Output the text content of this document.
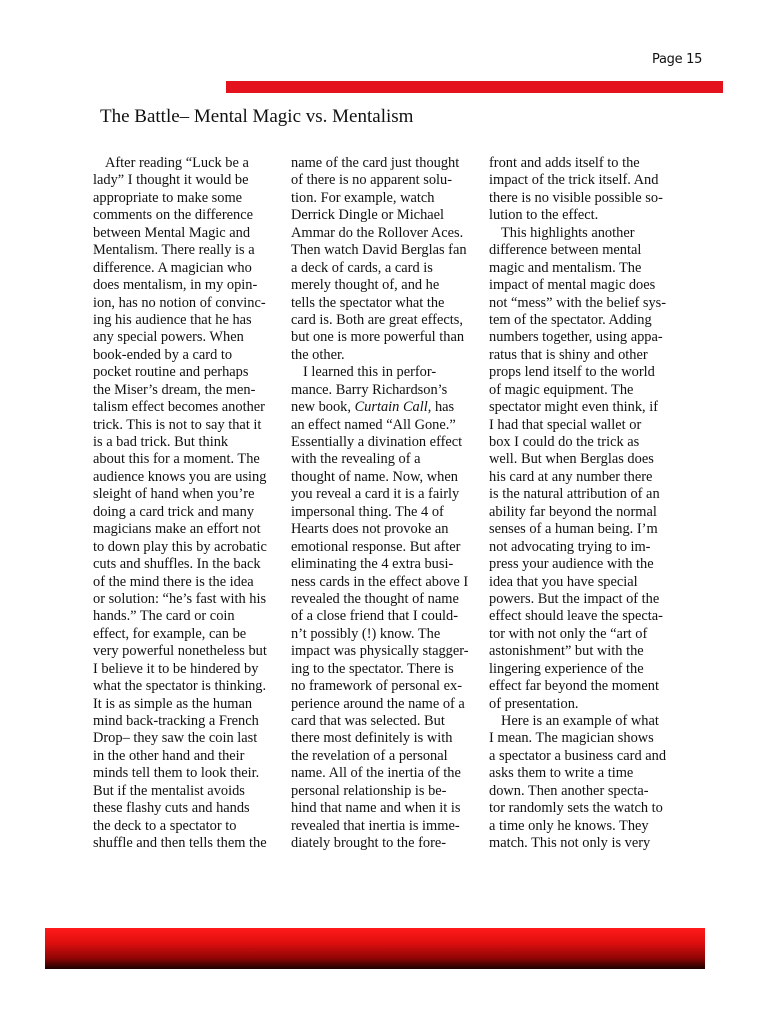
Page 15
The Battle– Mental Magic vs. Mentalism
After reading “Luck be a
lady” I thought it would be
appropriate to make some
comments on the difference
between Mental Magic and
Mentalism. There really is a
difference. A magician who
does mentalism, in my opin-
ion, has no notion of convinc-
ing his audience that he has
any special powers. When
book-ended by a card to
pocket routine and perhaps
the Miser’s dream, the men-
talism effect becomes another
trick. This is not to say that it
is a bad trick. But think
about this for a moment. The
audience knows you are using
sleight of hand when you’re
doing a card trick and many
magicians make an effort not
to down play this by acrobatic
cuts and shuffles. In the back
of the mind there is the idea
or solution: “he’s fast with his
hands.” The card or coin
effect, for example, can be
very powerful nonetheless but
I believe it to be hindered by
what the spectator is thinking.
It is as simple as the human
mind back-tracking a French
Drop– they saw the coin last
in the other hand and their
minds tell them to look their.
But if the mentalist avoids
these flashy cuts and hands
the deck to a spectator to
shuffle and then tells them the
name of the card just thought
of there is no apparent solu-
tion. For example, watch
Derrick Dingle or Michael
Ammar do the Rollover Aces.
Then watch David Berglas fan
a deck of cards, a card is
merely thought of, and he
tells the spectator what the
card is. Both are great effects,
but one is more powerful than
the other.
I learned this in perfor-
mance. Barry Richardson’s
new book, Curtain Call, has
an effect named “All Gone.”
Essentially a divination effect
with the revealing of a
thought of name. Now, when
you reveal a card it is a fairly
impersonal thing. The 4 of
Hearts does not provoke an
emotional response. But after
eliminating the 4 extra busi-
ness cards in the effect above I
revealed the thought of name
of a close friend that I could-
n’t possibly (!) know. The
impact was physically stagger-
ing to the spectator. There is
no framework of personal ex-
perience around the name of a
card that was selected. But
there most definitely is with
the revelation of a personal
name. All of the inertia of the
personal relationship is be-
hind that name and when it is
revealed that inertia is imme-
diately brought to the fore-
front and adds itself to the
impact of the trick itself. And
there is no visible possible so-
lution to the effect.
This highlights another
difference between mental
magic and mentalism. The
impact of mental magic does
not “mess” with the belief sys-
tem of the spectator. Adding
numbers together, using appa-
ratus that is shiny and other
props lend itself to the world
of magic equipment. The
spectator might even think, if
I had that special wallet or
box I could do the trick as
well. But when Berglas does
his card at any number there
is the natural attribution of an
ability far beyond the normal
senses of a human being. I’m
not advocating trying to im-
press your audience with the
idea that you have special
powers. But the impact of the
effect should leave the specta-
tor with not only the “art of
astonishment” but with the
lingering experience of the
effect far beyond the moment
of presentation.
Here is an example of what
I mean. The magician shows
a spectator a business card and
asks them to write a time
down. Then another specta-
tor randomly sets the watch to
a time only he knows. They
match. This not only is very
